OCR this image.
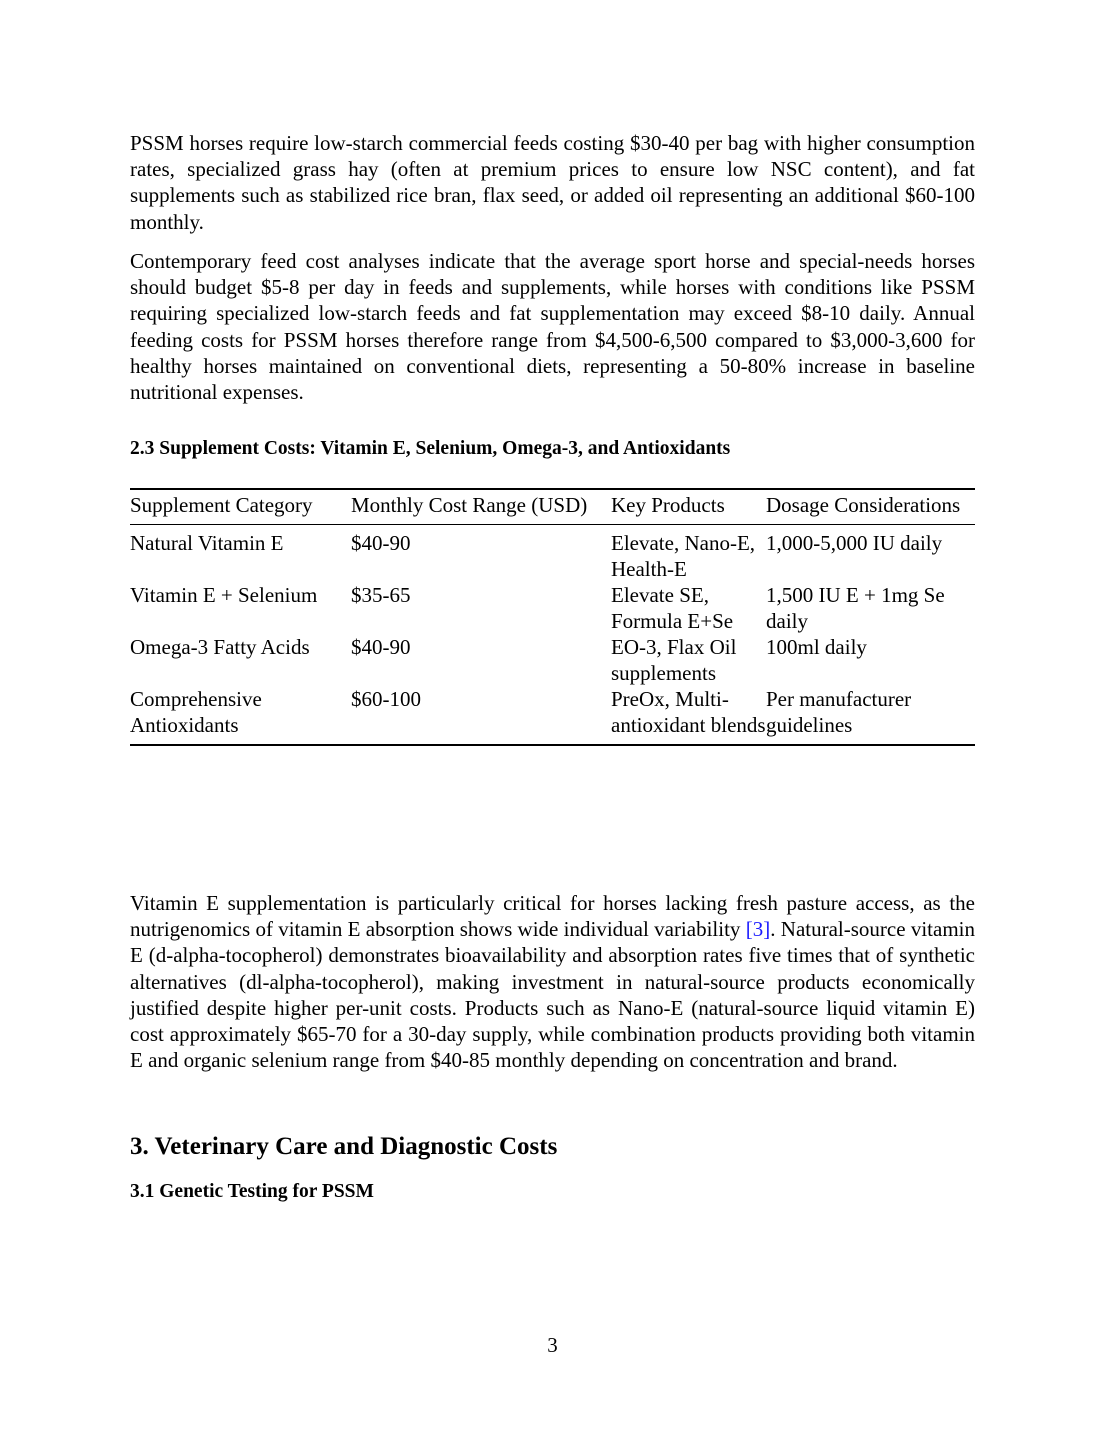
PSSM horses require low-starch commercial feeds costing $30-40 per bag with higher consumption rates, specialized grass hay (often at premium prices to ensure low NSC content), and fat supplements such as stabilized rice bran, flax seed, or added oil representing an additional $60-100 monthly.

Contemporary feed cost analyses indicate that the average sport horse and special-needs horses should budget $5-8 per day in feeds and supplements, while horses with conditions like PSSM requiring specialized low-starch feeds and fat supplementation may exceed $8-10 daily. Annual feeding costs for PSSM horses therefore range from $4,500-6,500 compared to $3,000-3,600 for healthy horses maintained on conventional diets, representing a 50-80% increase in baseline nutritional expenses.

2.3 Supplement Costs: Vitamin E, Selenium, Omega-3, and Antioxidants
Supplement Category	Monthly Cost Range (USD)	Key Products	Dosage Considerations
Natural Vitamin E	$40-90	Elevate, Nano-E, Health-E	1,000-5,000 IU daily
Vitamin E + Selenium	$35-65	Elevate SE, Formula E+Se	1,500 IU E + 1mg Se daily
Omega-3 Fatty Acids	$40-90	EO-3, Flax Oil supplements	100ml daily
Comprehensive Antioxidants	$60-100	PreOx, Multi-antioxidant blends	Per manufacturer guidelines

Vitamin E supplementation is particularly critical for horses lacking fresh pasture access, as the nutrigenomics of vitamin E absorption shows wide individual variability [3]. Natural-source vitamin E (d-alpha-tocopherol) demonstrates bioavailability and absorption rates five times that of synthetic alternatives (dl-alpha-tocopherol), making investment in natural-source products economically justified despite higher per-unit costs. Products such as Nano-E (natural-source liquid vitamin E) cost approximately $65-70 for a 30-day supply, while combination products providing both vitamin E and organic selenium range from $40-85 monthly depending on concentration and brand.

3. Veterinary Care and Diagnostic Costs
3.1 Genetic Testing for PSSM
3
